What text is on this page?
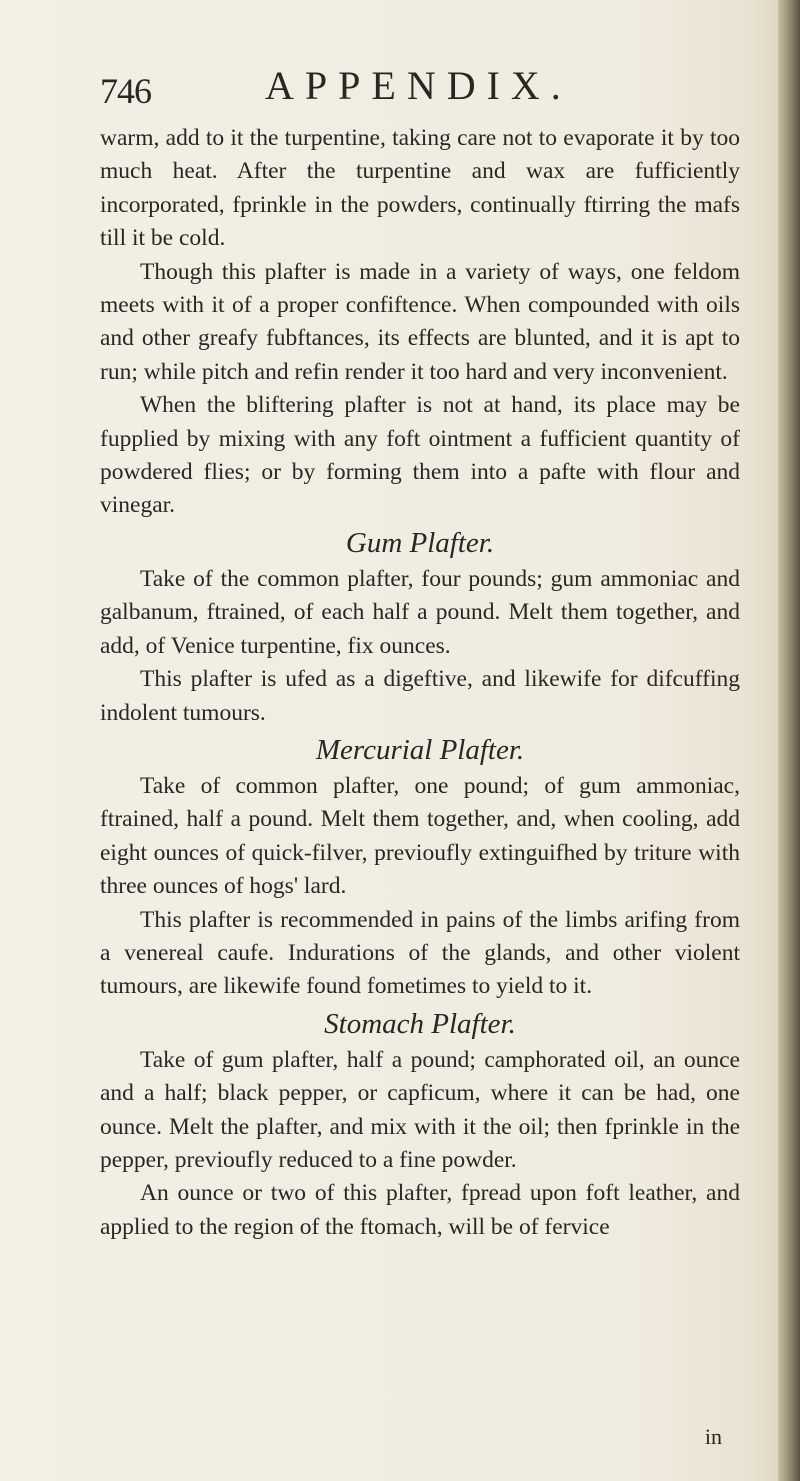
746	APPENDIX.

warm, add to it the turpentine, taking care not to evaporate it by too much heat. After the turpentine and wax are fufficiently incorporated, fprinkle in the powders, continually ftirring the mafs till it be cold.

Though this plafter is made in a variety of ways, one feldom meets with it of a proper confiftence. When compounded with oils and other greafy fubftances, its effects are blunted, and it is apt to run; while pitch and refin render it too hard and very inconvenient.

When the bliftering plafter is not at hand, its place may be fupplied by mixing with any foft ointment a fufficient quantity of powdered flies; or by forming them into a pafte with flour and vinegar.

Gum Plafter.

Take of the common plafter, four pounds; gum ammoniac and galbanum, ftrained, of each half a pound. Melt them together, and add, of Venice turpentine, fix ounces.

This plafter is ufed as a digeftive, and likewife for difcuffing indolent tumours.

Mercurial Plafter.

Take of common plafter, one pound; of gum ammoniac, ftrained, half a pound. Melt them together, and, when cooling, add eight ounces of quick-filver, previoufly extinguifhed by triture with three ounces of hogs' lard.

This plafter is recommended in pains of the limbs arifing from a venereal caufe. Indurations of the glands, and other violent tumours, are likewife found fometimes to yield to it.

Stomach Plafter.

Take of gum plafter, half a pound; camphorated oil, an ounce and a half; black pepper, or capficum, where it can be had, one ounce. Melt the plafter, and mix with it the oil; then fprinkle in the pepper, previoufly reduced to a fine powder.

An ounce or two of this plafter, fpread upon foft leather, and applied to the region of the ftomach, will be of fervice

in
